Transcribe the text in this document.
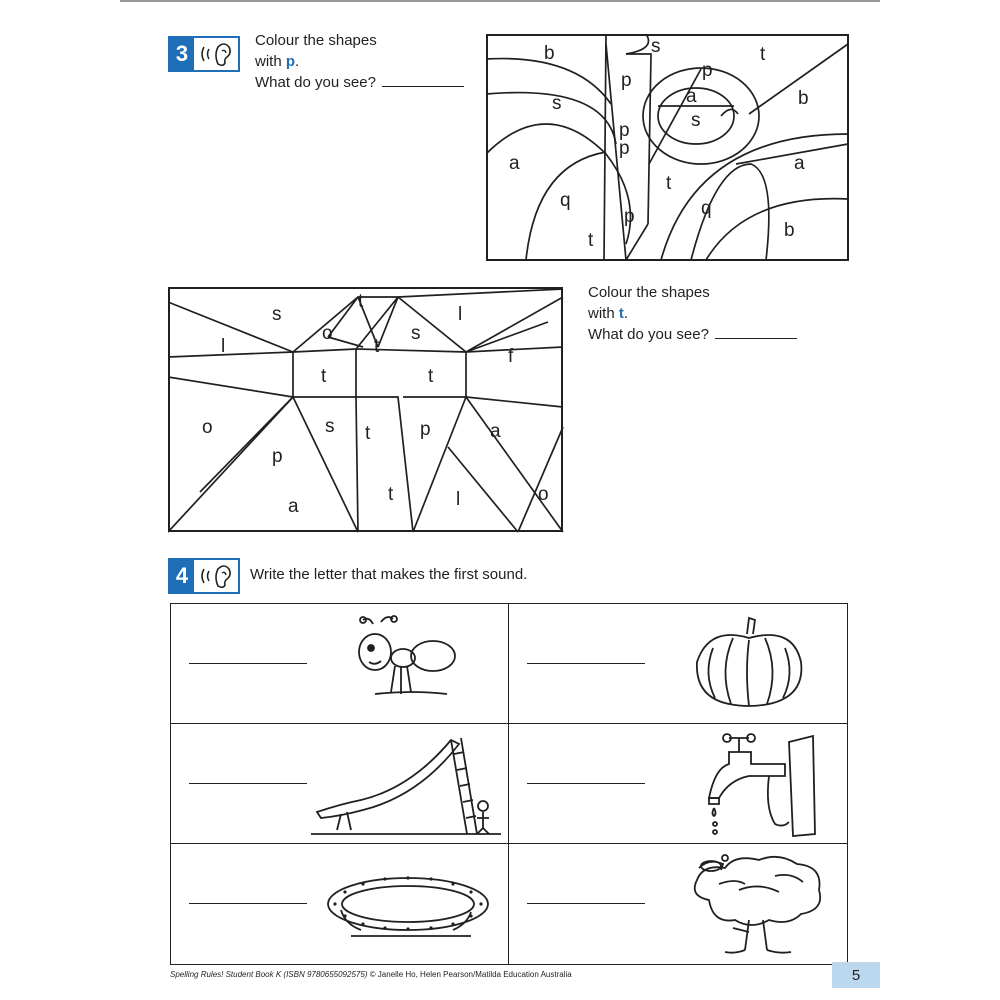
3
Colour the shapes
with p.
What do you see?
b	s
p
p
t
a	b
s
s
a
p
p
a
t
q	q
p
b
t
s
t
s
l
l
o
t	f
t	t
o	s t	p	a
p
a
t	l	o
Colour the shapes
with t.
What do you see?
4	Write the letter that makes the first sound.
Spelling Rules! Student Book K (ISBN 9780655092575) © Janelle Ho, Helen Pearson/Matilda Education Australia	5
